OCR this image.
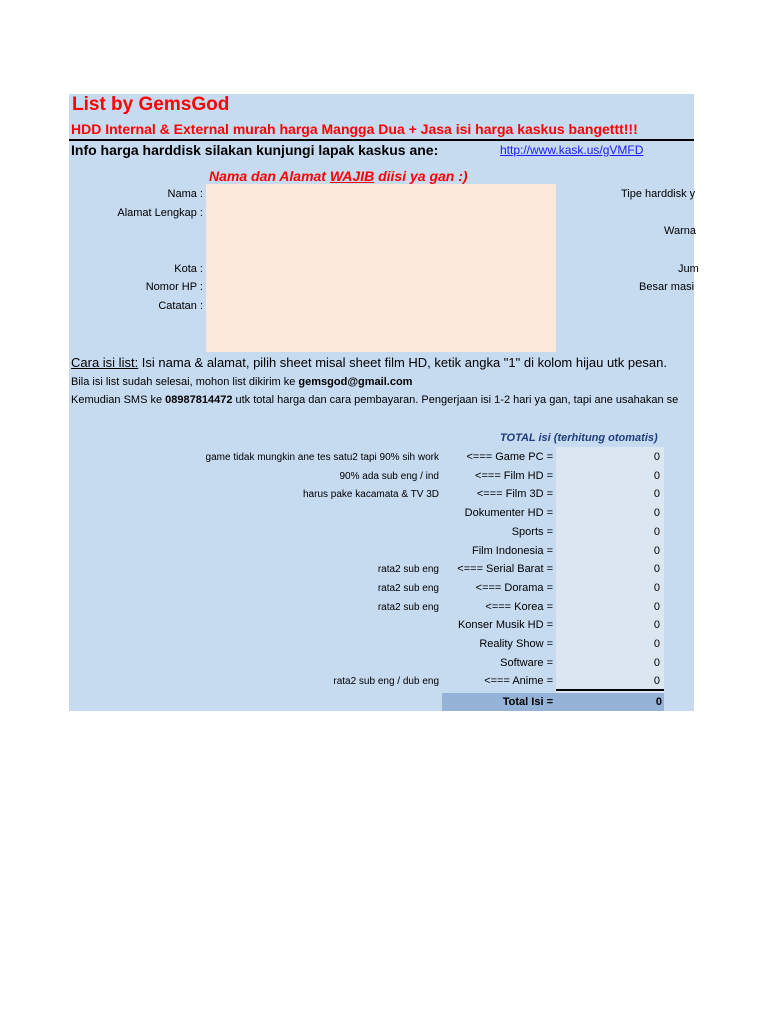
List by GemsGod
HDD Internal & External murah harga Mangga Dua + Jasa isi harga kaskus bangettt!!!
Info harga harddisk silakan kunjungi lapak kaskus ane:	http://www.kask.us/gVMFD
Nama dan Alamat WAJIB diisi ya gan :)
Nama :
Alamat Lengkap :
Kota :
Nomor HP :
Catatan :
Tipe harddisk y
Warna
Jum
Besar masi
Cara isi list: Isi nama & alamat, pilih sheet misal sheet film HD, ketik angka "1" di kolom hijau utk pesan.
Bila isi list sudah selesai, mohon list dikirim ke gemsgod@gmail.com
Kemudian SMS ke 08987814472 utk total harga dan cara pembayaran. Pengerjaan isi 1-2 hari ya gan, tapi ane usahakan se
TOTAL isi (terhitung otomatis)
game tidak mungkin ane tes satu2 tapi 90% sih work	<=== Game PC =	0
90% ada sub eng / ind	<=== Film HD =	0
harus pake kacamata & TV 3D	<=== Film 3D =	0
Dokumenter HD =	0
Sports =	0
Film Indonesia =	0
rata2 sub eng	<=== Serial Barat =	0
rata2 sub eng	<=== Dorama =	0
rata2 sub eng	<=== Korea =	0
Konser Musik HD =	0
Reality Show =	0
Software =	0
rata2 sub eng / dub eng	<=== Anime =	0
Total Isi =	0
